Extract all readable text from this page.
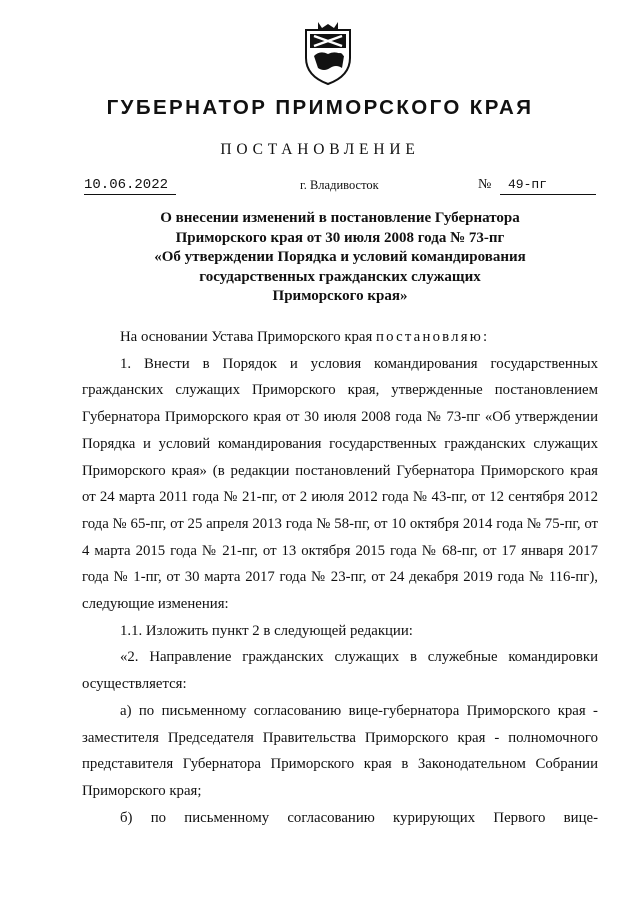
ГУБЕРНАТОР ПРИМОРСКОГО КРАЯ
ПОСТАНОВЛЕНИЕ
10.06.2022	г. Владивосток	№	49-пг
О внесении изменений в постановление Губернатора
Приморского края от 30 июля 2008 года № 73-пг
«Об утверждении Порядка и условий командирования
государственных гражданских служащих
Приморского края»

На основании Устава Приморского края постановляю:

1. Внести в Порядок и условия командирования государственных гражданских служащих Приморского края, утвержденные постановлением Губернатора Приморского края от 30 июля 2008 года № 73-пг «Об утверждении Порядка и условий командирования государственных гражданских служащих Приморского края» (в редакции постановлений Губернатора Приморского края от 24 марта 2011 года № 21-пг, от 2 июля 2012 года № 43-пг, от 12 сентября 2012 года № 65-пг, от 25 апреля 2013 года № 58-пг, от 10 октября 2014 года № 75-пг, от 4 марта 2015 года № 21-пг, от 13 октября 2015 года № 68-пг, от 17 января 2017 года № 1-пг, от 30 марта 2017 года № 23-пг, от 24 декабря 2019 года № 116-пг), следующие изменения:

1.1. Изложить пункт 2 в следующей редакции:

«2. Направление гражданских служащих в служебные командировки осуществляется:

а) по письменному согласованию вице-губернатора Приморского края - заместителя Председателя Правительства Приморского края - полномочного представителя Губернатора Приморского края в Законодательном Собрании Приморского края;

б) по письменному согласованию курирующих Первого вице-
